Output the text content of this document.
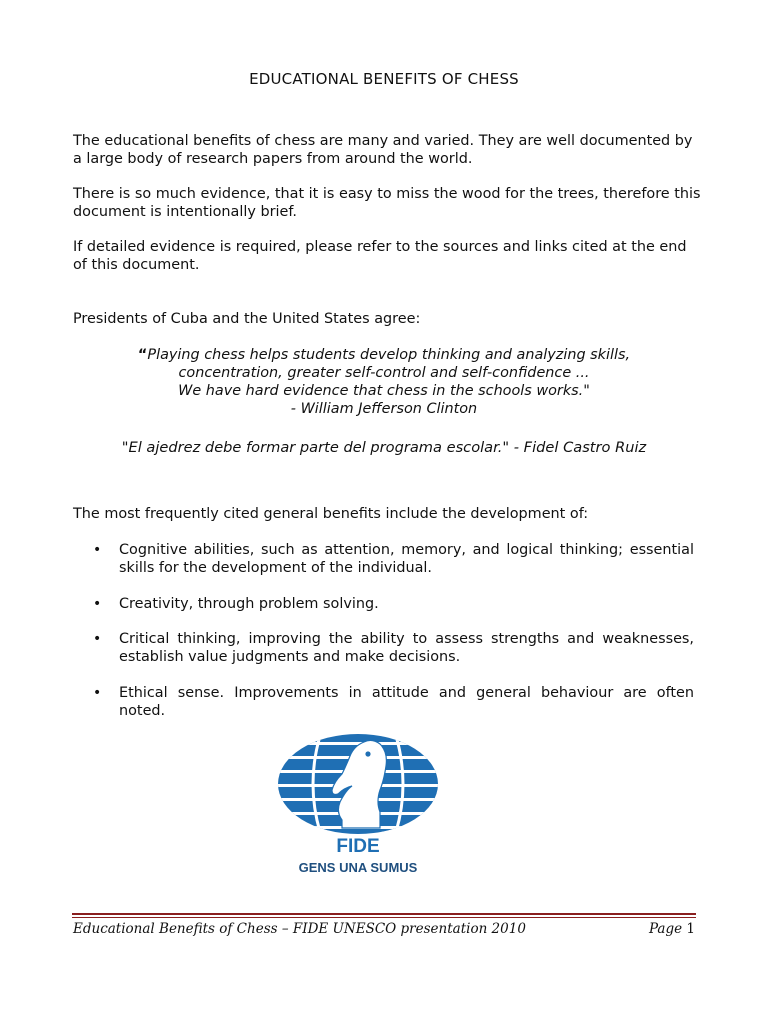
EDUCATIONAL BENEFITS OF CHESS

The educational benefits of chess are many and varied. They are well documented by a large body of research papers from around the world.

There is so much evidence, that it is easy to miss the wood for the trees, therefore this document is intentionally brief.

If detailed evidence is required, please refer to the sources and links cited at the end of this document.

Presidents of Cuba and the United States agree:

“Playing chess helps students develop thinking and analyzing skills,
concentration, greater self-control and self-confidence ...
We have hard evidence that chess in the schools works."
- William Jefferson Clinton
"El ajedrez debe formar parte del programa escolar." - Fidel Castro Ruiz

The most frequently cited general benefits include the development of:

•	Cognitive abilities, such as attention, memory, and logical thinking; essential skills for the development of the individual.
•	Creativity, through problem solving.
•	Critical thinking, improving the ability to assess strengths and weaknesses, establish value judgments and make decisions.
•	Ethical sense. Improvements in attitude and general behaviour are often noted.
FIDE
GENS UNA SUMUS
Educational Benefits of Chess – FIDE UNESCO presentation 2010	Page 1
